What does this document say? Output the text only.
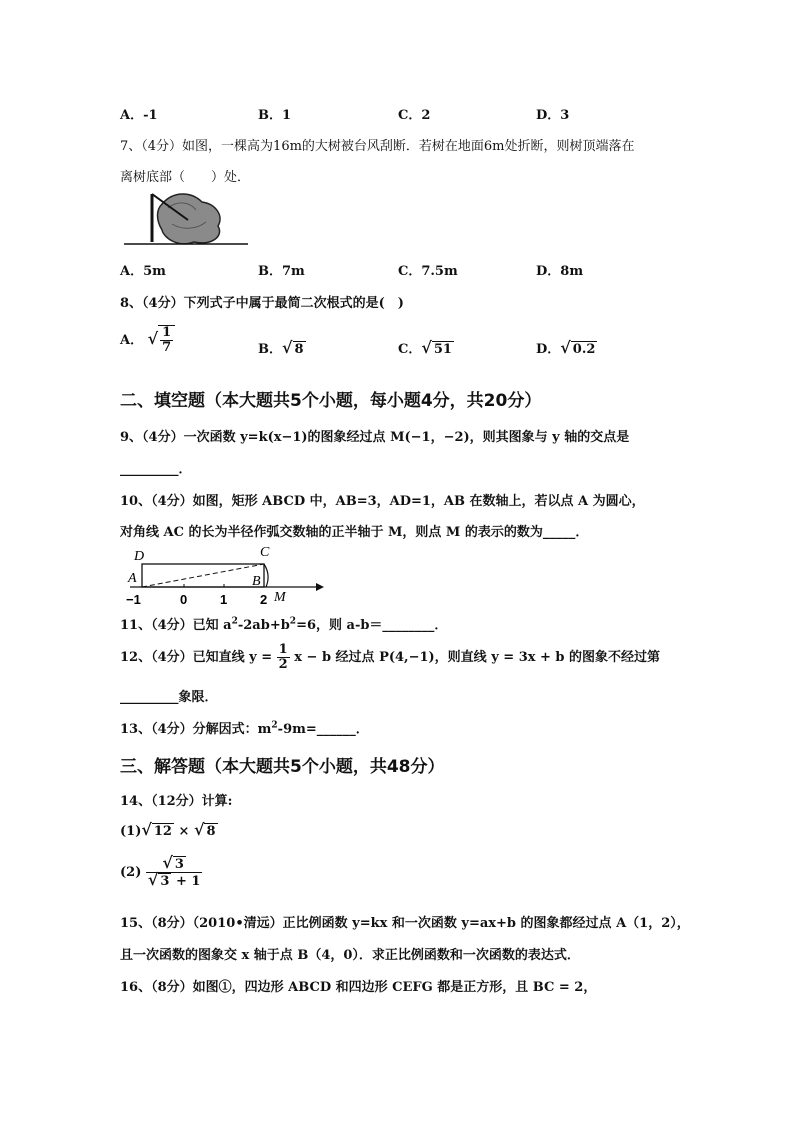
A．-1	B．1	C．2	D．3
7、（4分）如图，一棵高为16m的大树被台风刮断．若树在地面6m处折断，则树顶端落在
离树底部（　　）处．
A．5m	B．7m	C．7.5m	D．8m
8、（4分）下列式子中属于最简二次根式的是(　)
A． √ $\frac{1}{7}$	B．√ 8	C．√ 51	D．√ 0.2
二、填空题（本大题共5个小题，每小题4分，共20分）
9、（4分）一次函数 y=k(x−1)的图象经过点 M(−1，−2)，则其图象与 y 轴的交点是
_________．
10、（4分）如图，矩形 ABCD 中，AB=3，AD=1，AB 在数轴上，若以点 A 为圆心，
对角线 AC 的长为半径作弧交数轴的正半轴于 M，则点 M 的表示的数为_____．
D	C
A	B
M
−1	0	1	2
11、（4分）已知 $a^2-2ab+b^2=6$，则 a-b＝________．
12、（4分）已知直线 $y = \frac{1}{2}$ x − b 经过点 P(4,−1)，则直线 y = 3x + b 的图象不经过第
_________象限．
13、（4分）分解因式：$m^2-9m=\_\_\_\_\_\_$．
三、解答题（本大题共5个小题，共48分）
14、（12分）计算:
(1)√ 12 × √ 8
$(2) \frac{√ 3}{√ 3 + 1}$
15、（8分）（2010•清远）正比例函数 y=kx 和一次函数 y=ax+b 的图象都经过点 A（1，2），
且一次函数的图象交 x 轴于点 B（4，0）．求正比例函数和一次函数的表达式．
16、（8分）如图①，四边形 ABCD 和四边形 CEFG 都是正方形，且 BC = 2，
